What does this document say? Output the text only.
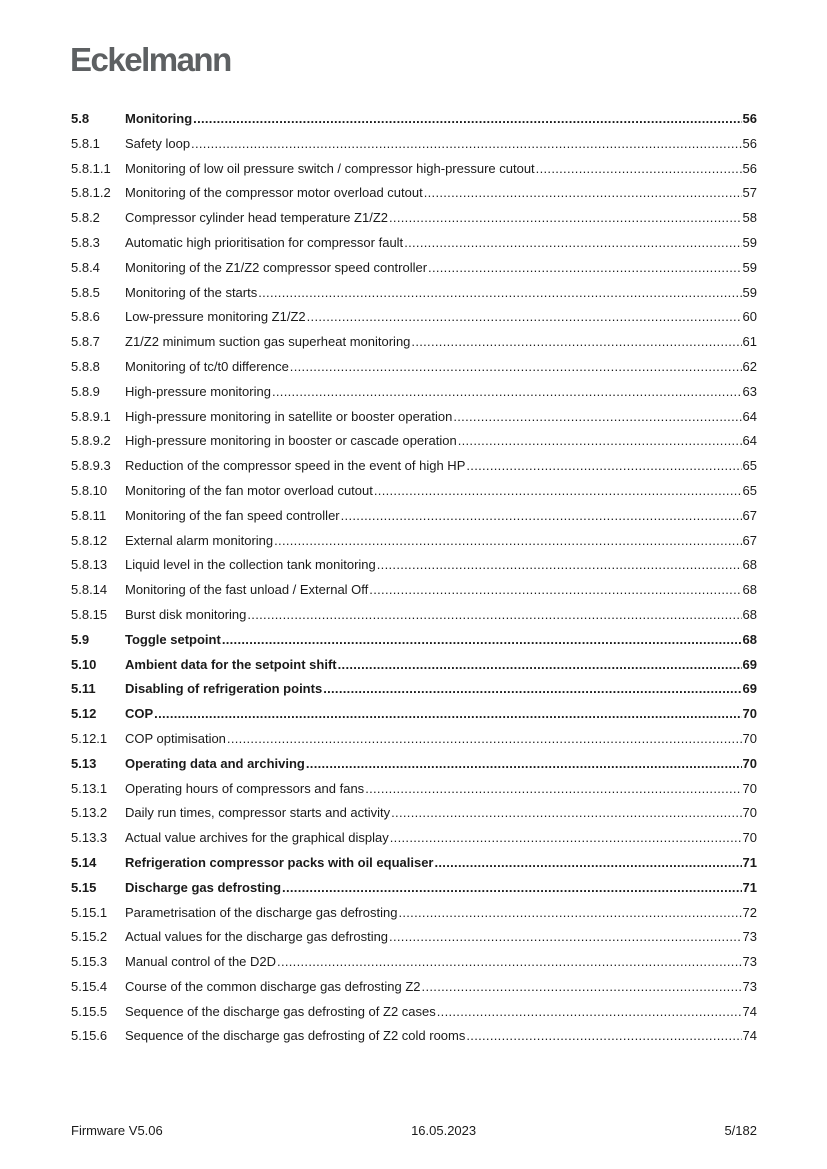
Eckelmann
5.8	Monitoring .....	56
5.8.1	Safety loop .....	56
5.8.1.1	Monitoring of low oil pressure switch / compressor high-pressure cutout .....	56
5.8.1.2	Monitoring of the compressor motor overload cutout .....	57
5.8.2	Compressor cylinder head temperature Z1/Z2 .....	58
5.8.3	Automatic high prioritisation for compressor fault .....	59
5.8.4	Monitoring of the Z1/Z2 compressor speed controller .....	59
5.8.5	Monitoring of the starts .....	59
5.8.6	Low-pressure monitoring Z1/Z2 .....	60
5.8.7	Z1/Z2 minimum suction gas superheat monitoring .....	61
5.8.8	Monitoring of tc/t0 difference .....	62
5.8.9	High-pressure monitoring .....	63
5.8.9.1	High-pressure monitoring in satellite or booster operation .....	64
5.8.9.2	High-pressure monitoring in booster or cascade operation .....	64
5.8.9.3	Reduction of the compressor speed in the event of high HP .....	65
5.8.10	Monitoring of the fan motor overload cutout .....	65
5.8.11	Monitoring of the fan speed controller .....	67
5.8.12	External alarm monitoring .....	67
5.8.13	Liquid level in the collection tank monitoring .....	68
5.8.14	Monitoring of the fast unload / External Off .....	68
5.8.15	Burst disk monitoring .....	68
5.9	Toggle setpoint .....	68
5.10	Ambient data for the setpoint shift .....	69
5.11	Disabling of refrigeration points .....	69
5.12	COP .....	70
5.12.1	COP optimisation .....	70
5.13	Operating data and archiving .....	70
5.13.1	Operating hours of compressors and fans .....	70
5.13.2	Daily run times, compressor starts and activity .....	70
5.13.3	Actual value archives for the graphical display .....	70
5.14	Refrigeration compressor packs with oil equaliser .....	71
5.15	Discharge gas defrosting .....	71
5.15.1	Parametrisation of the discharge gas defrosting .....	72
5.15.2	Actual values for the discharge gas defrosting .....	73
5.15.3	Manual control of the D2D .....	73
5.15.4	Course of the common discharge gas defrosting Z2 .....	73
5.15.5	Sequence of the discharge gas defrosting of Z2 cases .....	74
5.15.6	Sequence of the discharge gas defrosting of Z2 cold rooms .....	74
Firmware V5.06	16.05.2023	5/182
